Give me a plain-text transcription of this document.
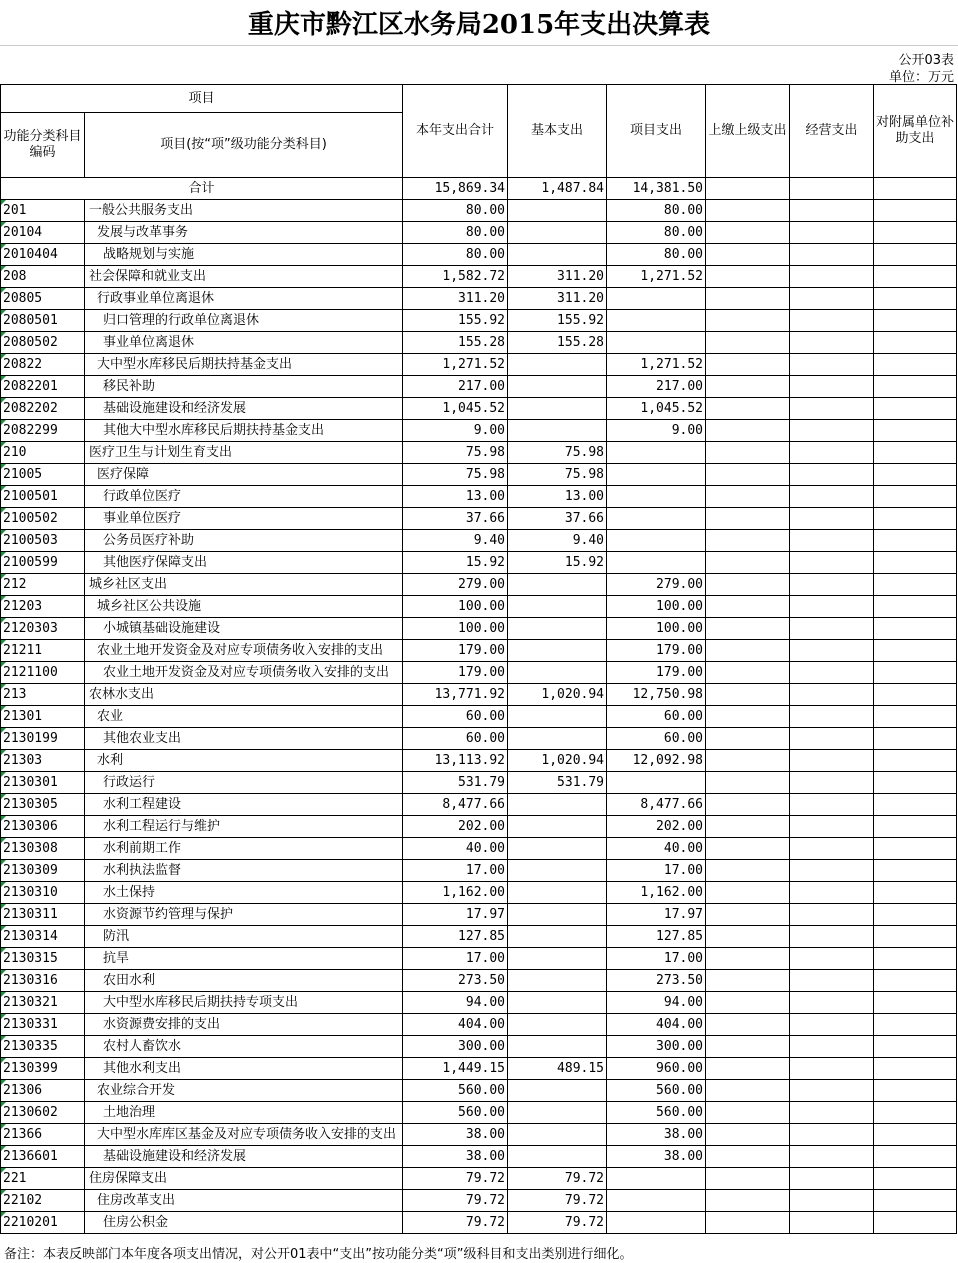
重庆市黔江区水务局2015年支出决算表
公开03表
单位：万元
项目		本年支出合计	基本支出	项目支出	上缴上级支出	经营支出	对附属单位补助支出
功能分类科目编码	项目(按“项”级功能分类科目)						
合计		15,869.34	1,487.84	14,381.50			
201	一般公共服务支出	80.00		80.00			
20104	发展与改革事务	80.00		80.00			
2010404	战略规划与实施	80.00		80.00			
208	社会保障和就业支出	1,582.72	311.20	1,271.52			
20805	行政事业单位离退休	311.20	311.20				
2080501	归口管理的行政单位离退休	155.92	155.92				
2080502	事业单位离退休	155.28	155.28				
20822	大中型水库移民后期扶持基金支出	1,271.52		1,271.52			
2082201	移民补助	217.00		217.00			
2082202	基础设施建设和经济发展	1,045.52		1,045.52			
2082299	其他大中型水库移民后期扶持基金支出	9.00		9.00			
210	医疗卫生与计划生育支出	75.98	75.98				
21005	医疗保障	75.98	75.98				
2100501	行政单位医疗	13.00	13.00				
2100502	事业单位医疗	37.66	37.66				
2100503	公务员医疗补助	9.40	9.40				
2100599	其他医疗保障支出	15.92	15.92				
212	城乡社区支出	279.00		279.00			
21203	城乡社区公共设施	100.00		100.00			
2120303	小城镇基础设施建设	100.00		100.00			
21211	农业土地开发资金及对应专项债务收入安排的支出	179.00		179.00			
2121100	农业土地开发资金及对应专项债务收入安排的支出	179.00		179.00			
213	农林水支出	13,771.92	1,020.94	12,750.98			
21301	农业	60.00		60.00			
2130199	其他农业支出	60.00		60.00			
21303	水利	13,113.92	1,020.94	12,092.98			
2130301	行政运行	531.79	531.79				
2130305	水利工程建设	8,477.66		8,477.66			
2130306	水利工程运行与维护	202.00		202.00			
2130308	水利前期工作	40.00		40.00			
2130309	水利执法监督	17.00		17.00			
2130310	水土保持	1,162.00		1,162.00			
2130311	水资源节约管理与保护	17.97		17.97			
2130314	防汛	127.85		127.85			
2130315	抗旱	17.00		17.00			
2130316	农田水利	273.50		273.50			
2130321	大中型水库移民后期扶持专项支出	94.00		94.00			
2130331	水资源费安排的支出	404.00		404.00			
2130335	农村人畜饮水	300.00		300.00			
2130399	其他水利支出	1,449.15	489.15	960.00			
21306	农业综合开发	560.00		560.00			
2130602	土地治理	560.00		560.00			
21366	大中型水库库区基金及对应专项债务收入安排的支出	38.00		38.00			
2136601	基础设施建设和经济发展	38.00		38.00			
221	住房保障支出	79.72	79.72				
22102	住房改革支出	79.72	79.72				
2210201	住房公积金	79.72	79.72				
备注：本表反映部门本年度各项支出情况，对公开01表中“支出”按功能分类“项”级科目和支出类别进行细化。
